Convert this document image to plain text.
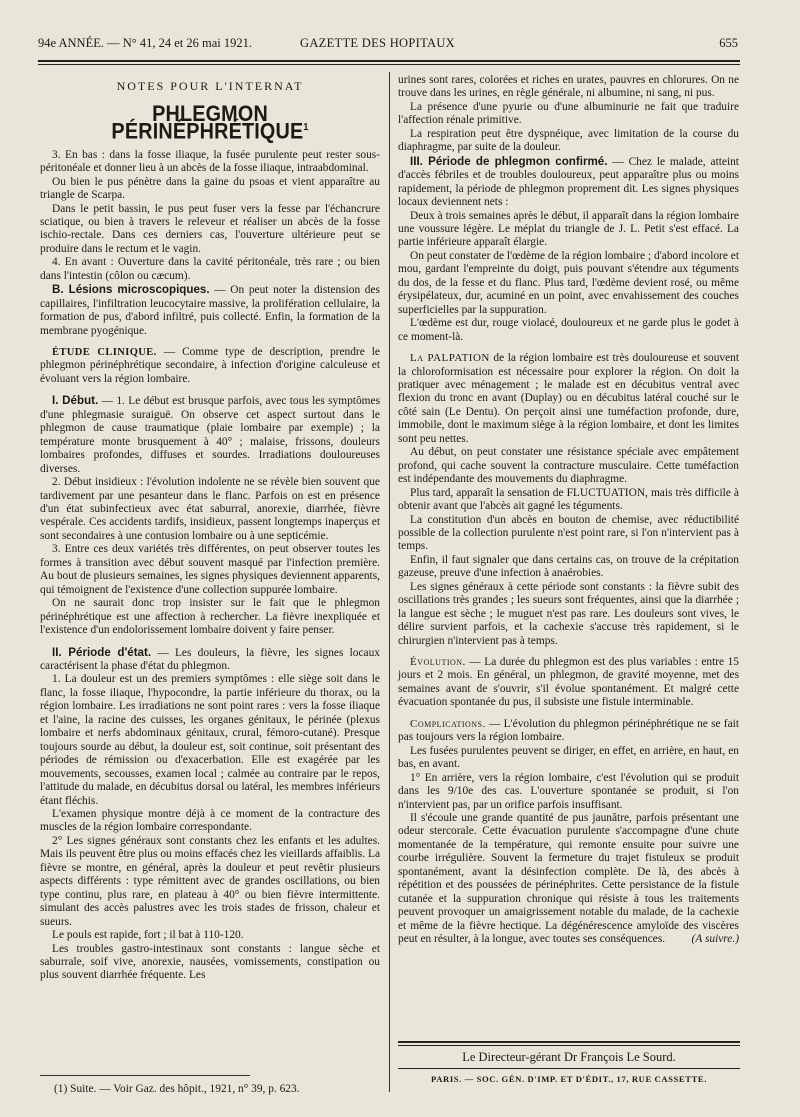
94e ANNÉE. — N° 41, 24 et 26 mai 1921.	GAZETTE DES HOPITAUX	655
NOTES POUR L'INTERNAT
PHLEGMON PÉRINÉPHRÉTIQUE$^1$

3. En bas : dans la fosse iliaque, la fusée purulente peut rester sous-péritonéale et donner lieu à un abcès de la fosse iliaque, intraabdominal.

Ou bien le pus pénètre dans la gaine du psoas et vient apparaître au triangle de Scarpa.

Dans le petit bassin, le pus peut fuser vers la fesse par l'échancrure sciatique, ou bien à travers le releveur et réaliser un abcès de la fosse ischio-rectale. Dans ces derniers cas, l'ouverture ultérieure peut se produire dans le rectum et le vagin.

4. En avant : Ouverture dans la cavité péritonéale, très rare ; ou bien dans l'intestin (côlon ou cæcum).

B. Lésions microscopiques. — On peut noter la distension des capillaires, l'infiltration leucocytaire massive, la prolifération cellulaire, la formation de pus, d'abord infiltré, puis collecté. Enfin, la formation de la membrane pyogénique.

ÉTUDE CLINIQUE. — Comme type de description, prendre le phlegmon périnéphrétique secondaire, à infection d'origine calculeuse et évoluant vers la région lombaire.

I. Début. — 1. Le début est brusque parfois, avec tous les symptômes d'une phlegmasie suraiguë. On observe cet aspect surtout dans le phlegmon de cause traumatique (plaie lombaire par exemple) ; la température monte brusquement à 40° ; malaise, frissons, douleurs lombaires profondes, diffuses et sourdes. Irradiations douloureuses diverses.

2. Début insidieux : l'évolution indolente ne se révèle bien souvent que tardivement par une pesanteur dans le flanc. Parfois on est en présence d'un état subinfectieux avec état saburral, anorexie, diarrhée, fièvre vespérale. Ces accidents tardifs, insidieux, passent longtemps inaperçus et sont secondaires à une contusion lombaire ou à une septicémie.

3. Entre ces deux variétés très différentes, on peut observer toutes les formes à transition avec début souvent masqué par l'infection première. Au bout de plusieurs semaines, les signes physiques deviennent apparents, qui témoignent de l'existence d'une collection suppurée lombaire.

On ne saurait donc trop insister sur le fait que le phlegmon périnéphrétique est une affection à rechercher. La fièvre inexpliquée et l'existence d'un endolorissement lombaire doivent y faire penser.

II. Période d'état. — Les douleurs, la fièvre, les signes locaux caractérisent la phase d'état du phlegmon.

1. La douleur est un des premiers symptômes : elle siège soit dans le flanc, la fosse iliaque, l'hypocondre, la partie inférieure du thorax, ou la région lombaire. Les irradiations ne sont point rares : vers la fosse iliaque et l'aine, la racine des cuisses, les organes génitaux, le périnée (plexus lombaire et nerfs abdominaux génitaux, crural, fémoro-cutané). Presque toujours sourde au début, la douleur est, soit continue, soit présentant des périodes de rémission ou d'exacerbation. Elle est exagérée par les mouvements, secousses, examen local ; calmée au contraire par le repos, l'attitude du malade, en décubitus dorsal ou latéral, les membres inférieurs étant fléchis.

L'examen physique montre déjà à ce moment de la contracture des muscles de la région lombaire correspondante.

2° Les signes généraux sont constants chez les enfants et les adultes. Mais ils peuvent être plus ou moins effacés chez les vieillards affaiblis. La fièvre se montre, en général, après la douleur et peut revêtir plusieurs aspects différents : type rémittent avec de grandes oscillations, ou bien type continu, plus rare, en plateau à 40° ou bien fièvre intermittente. simulant des accès palustres avec les trois stades de frisson, chaleur et sueurs.

Le pouls est rapide, fort ; il bat à 110-120.

Les troubles gastro-intestinaux sont constants : langue sèche et saburrale, soif vive, anorexie, nausées, vomissements, constipation ou plus souvent diarrhée fréquente. Les

urines sont rares, colorées et riches en urates, pauvres en chlorures. On ne trouve dans les urines, en règle générale, ni albumine, ni sang, ni pus.

La présence d'une pyurie ou d'une albuminurie ne fait que traduire l'affection rénale primitive.

La respiration peut être dyspnéique, avec limitation de la course du diaphragme, par suite de la douleur.

III. Période de phlegmon confirmé. — Chez le malade, atteint d'accès fébriles et de troubles douloureux, peut apparaître plus ou moins rapidement, la période de phlegmon proprement dit. Les signes physiques locaux deviennent nets :

Deux à trois semaines après le début, il apparaît dans la région lombaire une voussure légère. Le méplat du triangle de J. L. Petit s'est effacé. La partie inférieure apparaît élargie.

On peut constater de l'œdème de la région lombaire ; d'abord incolore et mou, gardant l'empreinte du doigt, puis pouvant s'étendre aux téguments du dos, de la fesse et du flanc. Plus tard, l'œdème devient rosé, ou même érysipélateux, dur, acuminé en un point, avec envahissement des couches superficielles par la suppuration.

L'œdème est dur, rouge violacé, douloureux et ne garde plus le godet à ce moment-là.

La PALPATION de la région lombaire est très douloureuse et souvent la chloroformisation est nécessaire pour explorer la région. On doit la pratiquer avec ménagement ; le malade est en décubitus ventral avec flexion du tronc en avant (Duplay) ou en décubitus latéral couché sur le côté sain (Le Dentu). On perçoit ainsi une tuméfaction profonde, dure, immobile, dont le maximum siège à la région lombaire, et dont les limites sont peu nettes.

Au début, on peut constater une résistance spéciale avec empâtement profond, qui cache souvent la contracture musculaire. Cette tuméfaction est indépendante des mouvements du diaphragme.

Plus tard, apparaît la sensation de FLUCTUATION, mais très difficile à obtenir avant que l'abcès ait gagné les téguments.

La constitution d'un abcès en bouton de chemise, avec réductibilité possible de la collection purulente n'est point rare, si l'on n'intervient pas à temps.

Enfin, il faut signaler que dans certains cas, on trouve de la crépitation gazeuse, preuve d'une infection à anaérobies.

Les signes généraux à cette période sont constants : la fièvre subit des oscillations très grandes ; les sueurs sont fréquentes, ainsi que la diarrhée ; la langue est sèche ; le muguet n'est pas rare. Les douleurs sont vives, le délire survient parfois, et la cachexie s'accuse très rapidement, si le chirurgien n'intervient pas à temps.

Évolution. — La durée du phlegmon est des plus variables : entre 15 jours et 2 mois. En général, un phlegmon, de gravité moyenne, met des semaines avant de s'ouvrir, s'il évolue spontanément. Et malgré cette évacuation spontanée du pus, il subsiste une fistule interminable.

Complications. — L'évolution du phlegmon périnéphrétique ne se fait pas toujours vers la région lombaire.

Les fusées purulentes peuvent se diriger, en effet, en arrière, en haut, en bas, en avant.

1° En arrière, vers la région lombaire, c'est l'évolution qui se produit dans les 9/10e des cas. L'ouverture spontanée se produit, si l'on n'intervient pas, par un orifice parfois insuffisant.

Il s'écoule une grande quantité de pus jaunâtre, parfois présentant une odeur stercorale. Cette évacuation purulente s'accompagne d'une chute momentanée de la température, qui remonte ensuite pour suivre une courbe irrégulière. Souvent la fermeture du trajet fistuleux se produit spontanément, avant la désinfection complète. De là, des abcès à répétition et des poussées de périnéphrites. Cette persistance de la fistule cutanée et la suppuration chronique qui résiste à tous les traitements peuvent provoquer un amaigrissement notable du malade, de la cachexie et même de la fièvre hectique. La dégénérescence amyloïde des viscères peut en résulter, à la longue, avec toutes ses conséquences.	(A suivre.)

Le Directeur-gérant Dr François Le Sourd.
PARIS. — SOC. GÉN. D'IMP. ET D'ÉDIT., 17, RUE CASSETTE.
(1) Suite. — Voir Gaz. des hôpit., 1921, n° 39, p. 623.
